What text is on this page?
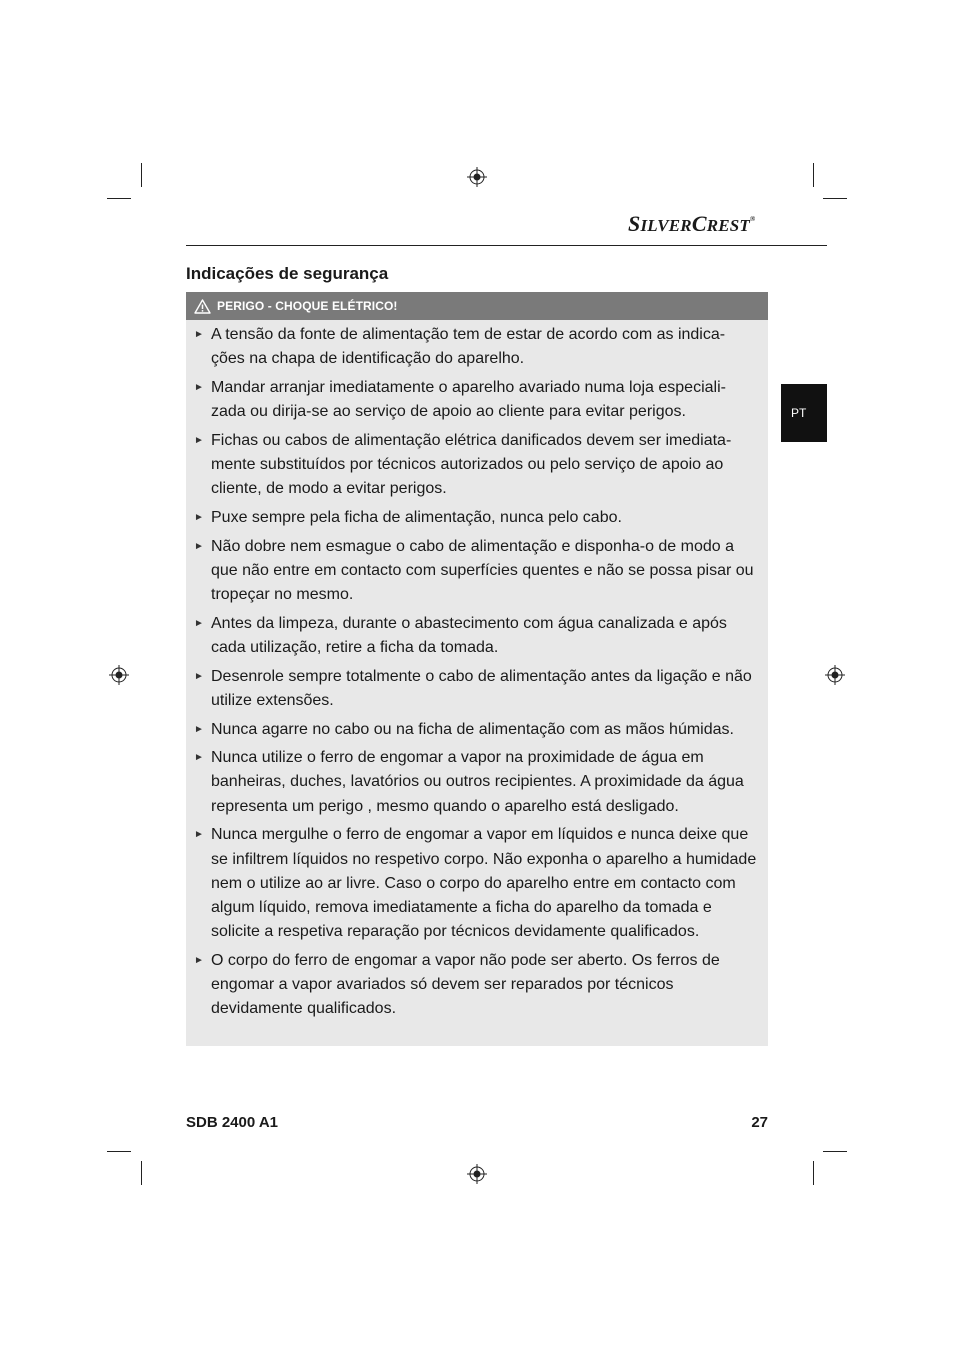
SILVERCREST®
Indicações de segurança
PERIGO - CHOQUE ELÉTRICO!
► A tensão da fonte de alimentação tem de estar de acordo com as indica- ções na chapa de identificação do aparelho.
► Mandar arranjar imediatamente o aparelho avariado numa loja especiali- zada ou dirija-se ao serviço de apoio ao cliente para evitar perigos.
► Fichas ou cabos de alimentação elétrica danificados devem ser imediata- mente substituídos por técnicos autorizados ou pelo serviço de apoio ao cliente, de modo a evitar perigos.
► Puxe sempre pela ficha de alimentação, nunca pelo cabo.
► Não dobre nem esmague o cabo de alimentação e disponha-o de modo a que não entre em contacto com superfícies quentes e não se possa pisar ou tropeçar no mesmo.
► Antes da limpeza, durante o abastecimento com água canalizada e após cada utilização, retire a ficha da tomada.
► Desenrole sempre totalmente o cabo de alimentação antes da ligação e não utilize extensões.
► Nunca agarre no cabo ou na ficha de alimentação com as mãos húmidas.
► Nunca utilize o ferro de engomar a vapor na proximidade de água em banheiras, duches, lavatórios ou outros recipientes. A proximidade da água representa um perigo , mesmo quando o aparelho está desligado.
► Nunca mergulhe o ferro de engomar a vapor em líquidos e nunca deixe que se infiltrem líquidos no respetivo corpo. Não exponha o aparelho a humidade nem o utilize ao ar livre. Caso o corpo do aparelho entre em contacto com algum líquido, remova imediatamente a ficha do aparelho da tomada e solicite a respetiva reparação por técnicos devidamente qualificados.
► O corpo do ferro de engomar a vapor não pode ser aberto. Os ferros de engomar a vapor avariados só devem ser reparados por técnicos devidamente qualificados.
PT
SDB 2400 A1	27
